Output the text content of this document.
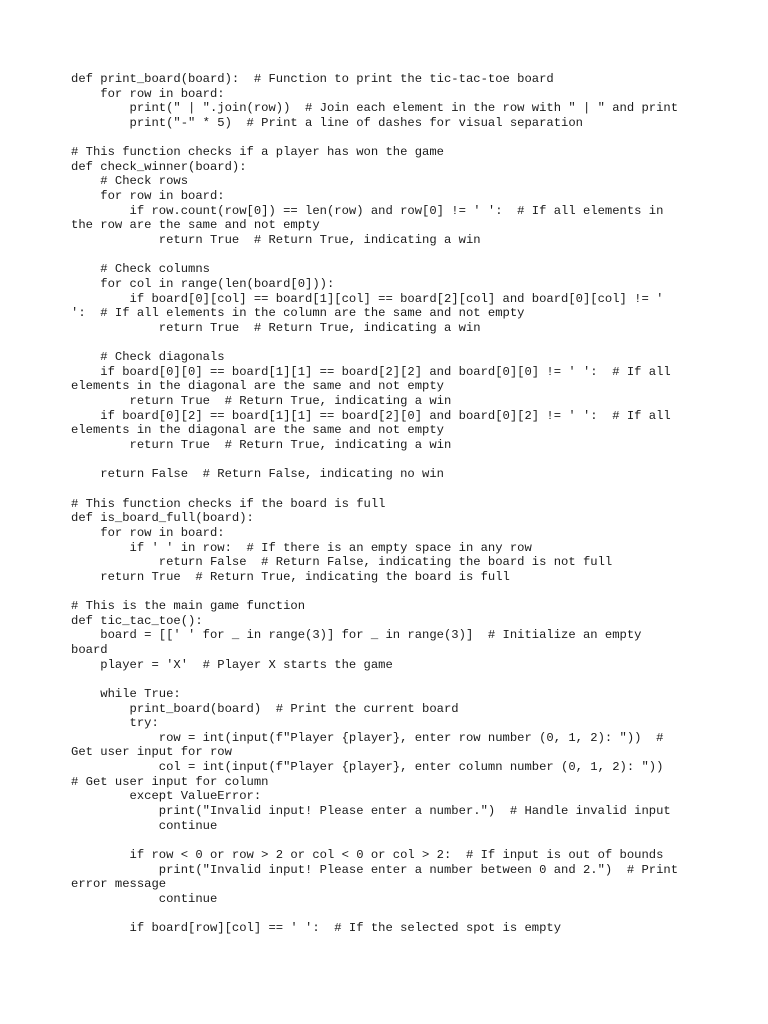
def print_board(board):  # Function to print the tic-tac-toe board
for row in board:
print(" | ".join(row))  # Join each element in the row with " | " and print
print("-" * 5)  # Print a line of dashes for visual separation
# This function checks if a player has won the game
def check_winner(board):
# Check rows
for row in board:
if row.count(row[0]) == len(row) and row[0] != ' ':  # If all elements in
the row are the same and not empty
return True  # Return True, indicating a win
# Check columns
for col in range(len(board[0])):
if board[0][col] == board[1][col] == board[2][col] and board[0][col] != '
':  # If all elements in the column are the same and not empty
return True  # Return True, indicating a win
# Check diagonals
if board[0][0] == board[1][1] == board[2][2] and board[0][0] != ' ':  # If all
elements in the diagonal are the same and not empty
return True  # Return True, indicating a win
if board[0][2] == board[1][1] == board[2][0] and board[0][2] != ' ':  # If all
elements in the diagonal are the same and not empty
return True  # Return True, indicating a win
return False  # Return False, indicating no win
# This function checks if the board is full
def is_board_full(board):
for row in board:
if ' ' in row:  # If there is an empty space in any row
return False  # Return False, indicating the board is not full
return True  # Return True, indicating the board is full
# This is the main game function
def tic_tac_toe():
board = [[' ' for _ in range(3)] for _ in range(3)]  # Initialize an empty
board
player = 'X'  # Player X starts the game
while True:
print_board(board)  # Print the current board
try:
row = int(input(f"Player {player}, enter row number (0, 1, 2): "))  #
Get user input for row
col = int(input(f"Player {player}, enter column number (0, 1, 2): "))
# Get user input for column
except ValueError:
print("Invalid input! Please enter a number.")  # Handle invalid input
continue
if row < 0 or row > 2 or col < 0 or col > 2:  # If input is out of bounds
print("Invalid input! Please enter a number between 0 and 2.")  # Print
error message
continue
if board[row][col] == ' ':  # If the selected spot is empty
